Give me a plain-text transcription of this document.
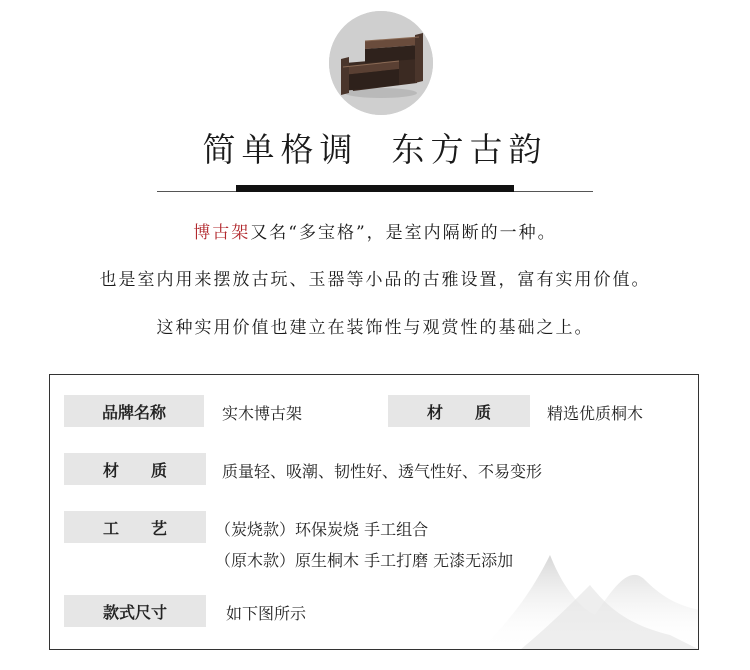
简单格调  东方古韵
博古架又名“多宝格”，是室内隔断的一种。
也是室内用来摆放古玩、玉器等小品的古雅设置，富有实用价值。
这种实用价值也建立在装饰性与观赏性的基础之上。
品牌名称	实木博古架	材　　质	精选优质桐木
材　　质	质量轻、吸潮、韧性好、透气性好、不易变形
工　　艺	（炭烧款）环保炭烧 手工组合
（原木款）原生桐木 手工打磨 无漆无添加
款式尺寸	如下图所示
